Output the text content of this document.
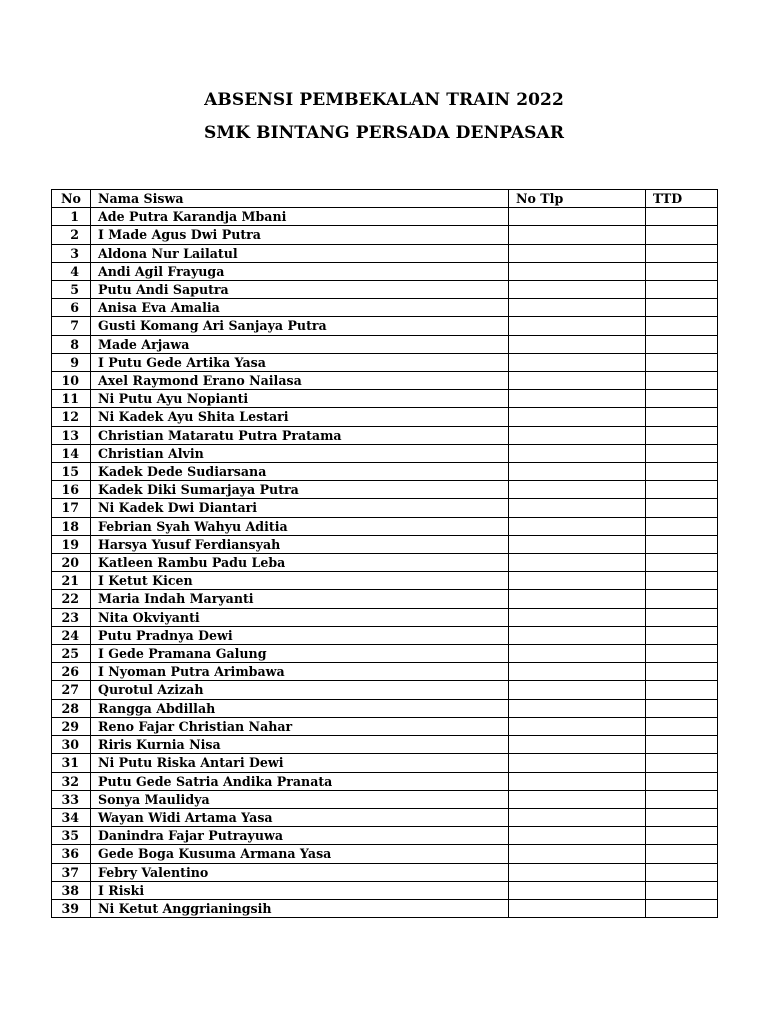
ABSENSI PEMBEKALAN TRAIN 2022
SMK BINTANG PERSADA DENPASAR
No	Nama Siswa	No Tlp	TTD
1	Ade Putra Karandja Mbani		
2	I Made Agus Dwi Putra		
3	Aldona Nur Lailatul		
4	Andi Agil Frayuga		
5	Putu Andi Saputra		
6	Anisa Eva Amalia		
7	Gusti Komang Ari Sanjaya Putra		
8	Made Arjawa		
9	I Putu Gede Artika Yasa		
10	Axel Raymond Erano Nailasa		
11	Ni Putu Ayu Nopianti		
12	Ni Kadek Ayu Shita Lestari		
13	Christian Mataratu Putra Pratama		
14	Christian Alvin		
15	Kadek Dede Sudiarsana		
16	Kadek Diki Sumarjaya Putra		
17	Ni Kadek Dwi Diantari		
18	Febrian Syah Wahyu Aditia		
19	Harsya Yusuf Ferdiansyah		
20	Katleen Rambu Padu Leba		
21	I Ketut Kicen		
22	Maria Indah Maryanti		
23	Nita Okviyanti		
24	Putu Pradnya Dewi		
25	I Gede Pramana Galung		
26	I Nyoman Putra Arimbawa		
27	Qurotul Azizah		
28	Rangga Abdillah		
29	Reno Fajar Christian Nahar		
30	Riris Kurnia Nisa		
31	Ni Putu Riska Antari Dewi		
32	Putu Gede Satria Andika Pranata		
33	Sonya Maulidya		
34	Wayan Widi Artama Yasa		
35	Danindra Fajar Putrayuwa		
36	Gede Boga Kusuma Armana Yasa		
37	Febry Valentino		
38	I Riski		
39	Ni Ketut Anggrianingsih		
